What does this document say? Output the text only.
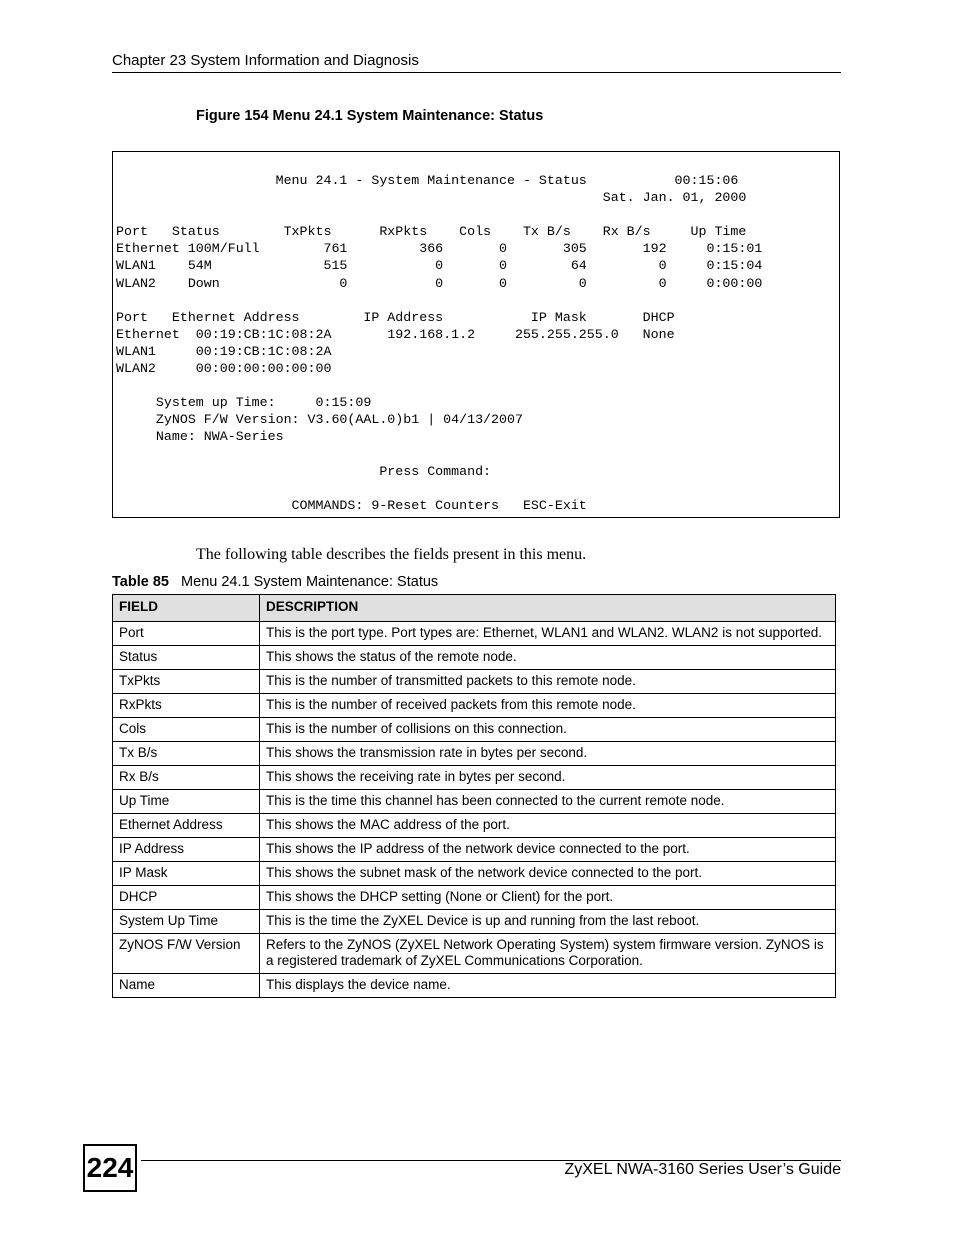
Chapter 23 System Information and Diagnosis
Figure 154 Menu 24.1 System Maintenance: Status
Menu 24.1 - System Maintenance - Status           00:15:06
Sat. Jan. 01, 2000

Port   Status        TxPkts      RxPkts    Cols    Tx B/s    Rx B/s     Up Time
Ethernet 100M/Full        761         366       0       305       192     0:15:01
WLAN1    54M              515           0       0        64         0     0:15:04
WLAN2    Down               0           0       0         0         0     0:00:00

Port   Ethernet Address        IP Address           IP Mask       DHCP
Ethernet  00:19:CB:1C:08:2A       192.168.1.2     255.255.255.0   None
WLAN1     00:19:CB:1C:08:2A
WLAN2     00:00:00:00:00:00

System up Time:     0:15:09
ZyNOS F/W Version: V3.60(AAL.0)b1 | 04/13/2007
Name: NWA-Series

Press Command:

COMMANDS: 9-Reset Counters   ESC-Exit
The following table describes the fields present in this menu.
Table 85 Menu 24.1 System Maintenance: Status
FIELD	DESCRIPTION
Port	This is the port type. Port types are: Ethernet, WLAN1 and WLAN2. WLAN2 is not supported.
Status	This shows the status of the remote node.
TxPkts	This is the number of transmitted packets to this remote node.
RxPkts	This is the number of received packets from this remote node.
Cols	This is the number of collisions on this connection.
Tx B/s	This shows the transmission rate in bytes per second.
Rx B/s	This shows the receiving rate in bytes per second.
Up Time	This is the time this channel has been connected to the current remote node.
Ethernet Address	This shows the MAC address of the port.
IP Address	This shows the IP address of the network device connected to the port.
IP Mask	This shows the subnet mask of the network device connected to the port.
DHCP	This shows the DHCP setting (None or Client) for the port.
System Up Time	This is the time the ZyXEL Device is up and running from the last reboot.
ZyNOS F/W Version	Refers to the ZyNOS (ZyXEL Network Operating System) system firmware version. ZyNOS is a registered trademark of ZyXEL Communications Corporation.
Name	This displays the device name.
224	ZyXEL NWA-3160 Series User’s Guide
